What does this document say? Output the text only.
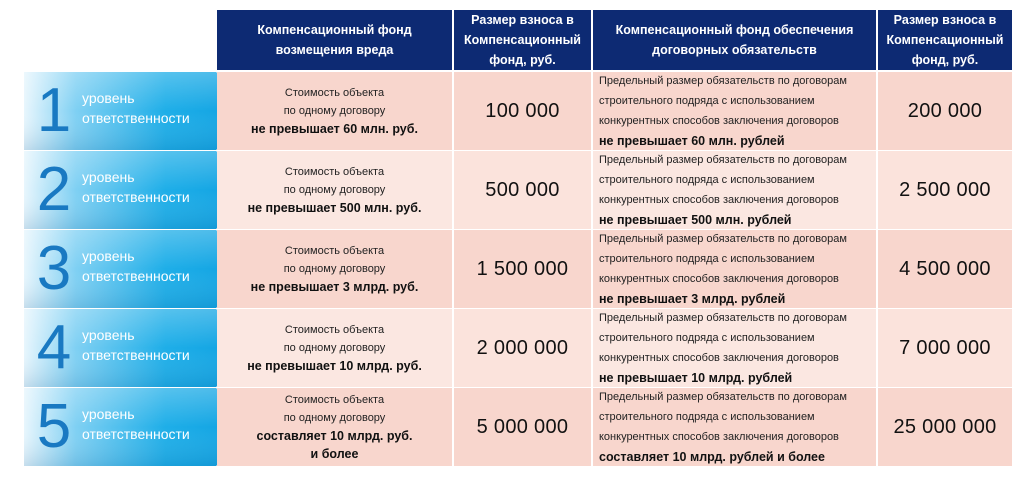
Компенсационный фонд
возмещения вреда
Размер взноса в
Компенсационный
фонд, руб.
Компенсационный фонд обеспечения
договорных обязательств
Размер взноса в
Компенсационный
фонд, руб.
1 уровень
ответственности
2 уровень
ответственности
3 уровень
ответственности
4 уровень
ответственности
5 уровень
ответственности
Стоимость объекта
по одному договору
не превышает 60 млн. руб.
100 000
Предельный размер обязательств по договорам
строительного подряда с использованием
конкурентных способов заключения договоров
не превышает 60 млн. рублей
200 000
Стоимость объекта
по одному договору
не превышает 500 млн. руб.
500 000
Предельный размер обязательств по договорам
строительного подряда с использованием
конкурентных способов заключения договоров
не превышает 500 млн. рублей
2 500 000
Стоимость объекта
по одному договору
не превышает 3 млрд. руб.
1 500 000
Предельный размер обязательств по договорам
строительного подряда с использованием
конкурентных способов заключения договоров
не превышает 3 млрд. рублей
4 500 000
Стоимость объекта
по одному договору
не превышает 10 млрд. руб.
2 000 000
Предельный размер обязательств по договорам
строительного подряда с использованием
конкурентных способов заключения договоров
не превышает 10 млрд. рублей
7 000 000
Стоимость объекта
по одному договору
составляет 10 млрд. руб.
и более
5 000 000
Предельный размер обязательств по договорам
строительного подряда с использованием
конкурентных способов заключения договоров
составляет 10 млрд. рублей и более
25 000 000
